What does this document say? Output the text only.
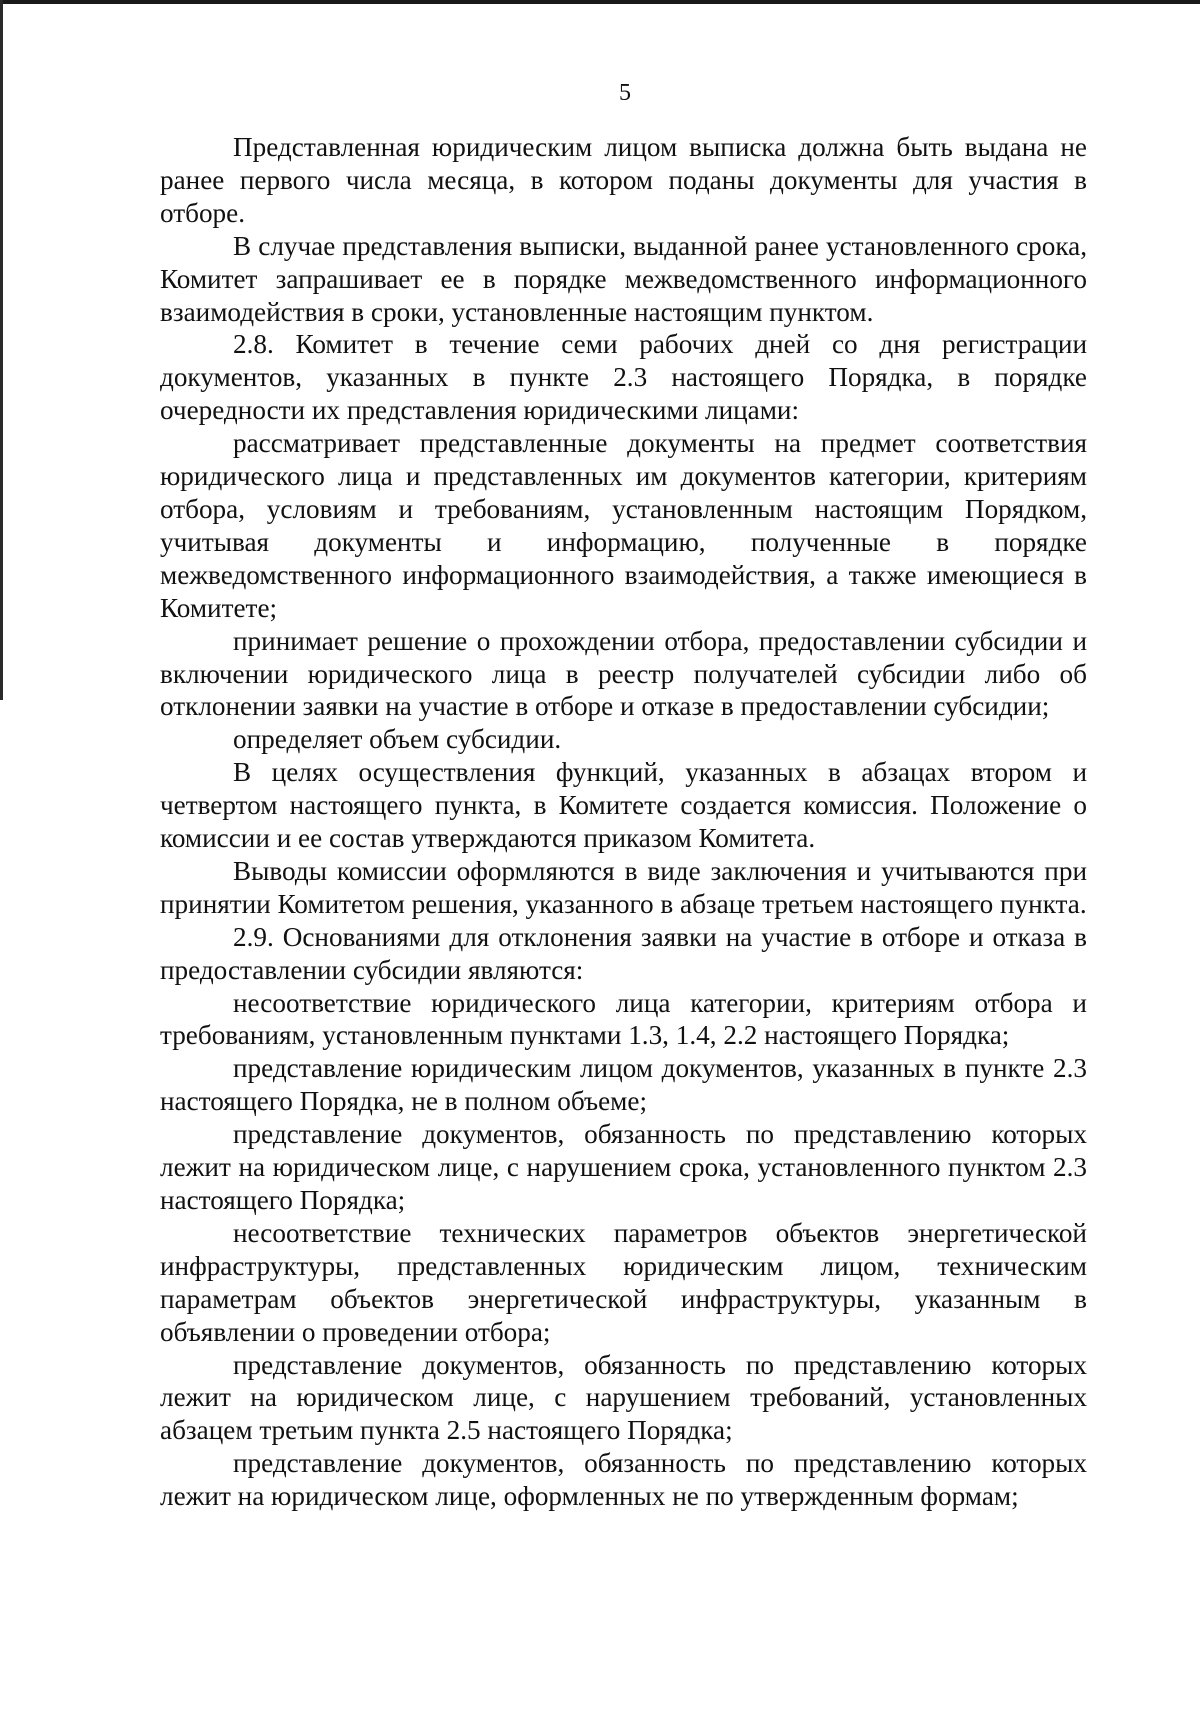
5

Представленная юридическим лицом выписка должна быть выдана не ранее первого числа месяца, в котором поданы документы для участия в отборе.

В случае представления выписки, выданной ранее установленного срока, Комитет запрашивает ее в порядке межведомственного информационного взаимодействия в сроки, установленные настоящим пунктом.

2.8. Комитет в течение семи рабочих дней со дня регистрации документов, указанных в пункте 2.3 настоящего Порядка, в порядке очередности их представления юридическими лицами:

рассматривает представленные документы на предмет соответствия юридического лица и представленных им документов категории, критериям отбора, условиям и требованиям, установленным настоящим Порядком, учитывая документы и информацию, полученные в порядке межведомственного информационного взаимодействия, а также имеющиеся в Комитете;

принимает решение о прохождении отбора, предоставлении субсидии и включении юридического лица в реестр получателей субсидии либо об отклонении заявки на участие в отборе и отказе в предоставлении субсидии;

определяет объем субсидии.

В целях осуществления функций, указанных в абзацах втором и четвертом настоящего пункта, в Комитете создается комиссия. Положение о комиссии и ее состав утверждаются приказом Комитета.

Выводы комиссии оформляются в виде заключения и учитываются при принятии Комитетом решения, указанного в абзаце третьем настоящего пункта.

2.9. Основаниями для отклонения заявки на участие в отборе и отказа в предоставлении субсидии являются:

несоответствие юридического лица категории, критериям отбора и требованиям, установленным пунктами 1.3, 1.4, 2.2 настоящего Порядка;

представление юридическим лицом документов, указанных в пункте 2.3 настоящего Порядка, не в полном объеме;

представление документов, обязанность по представлению которых лежит на юридическом лице, с нарушением срока, установленного пунктом 2.3 настоящего Порядка;

несоответствие технических параметров объектов энергетической инфраструктуры, представленных юридическим лицом, техническим параметрам объектов энергетической инфраструктуры, указанным в объявлении о проведении отбора;

представление документов, обязанность по представлению которых лежит на юридическом лице, с нарушением требований, установленных абзацем третьим пункта 2.5 настоящего Порядка;

представление документов, обязанность по представлению которых лежит на юридическом лице, оформленных не по утвержденным формам;
